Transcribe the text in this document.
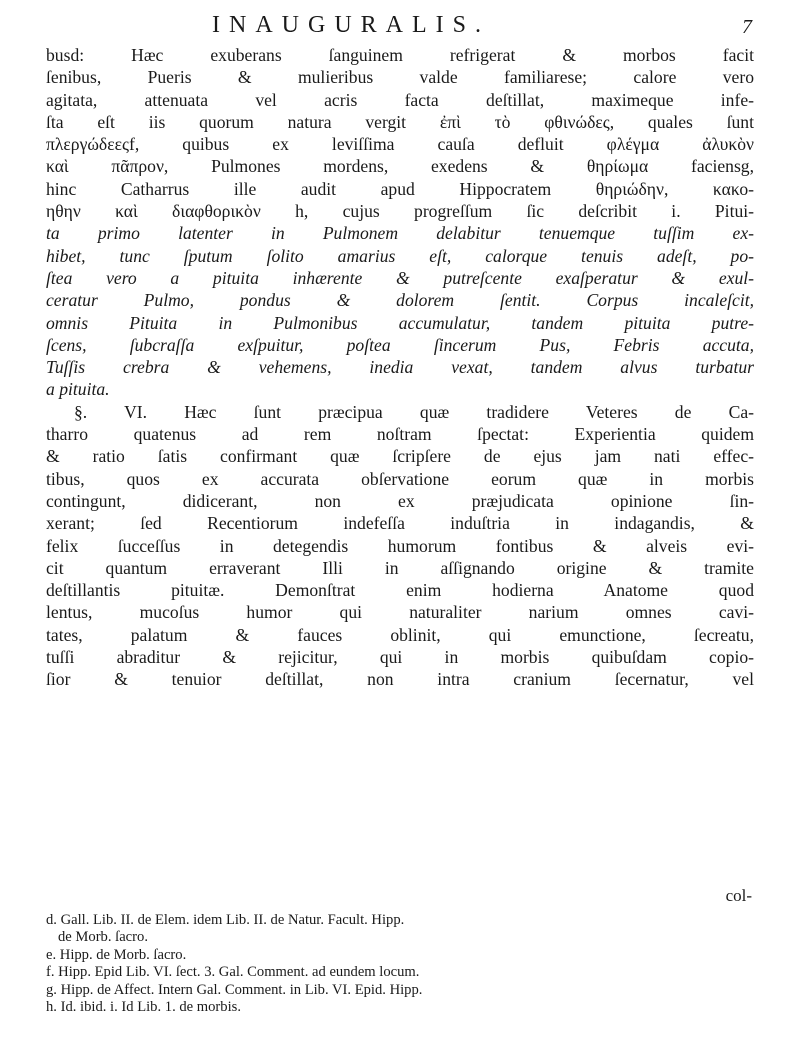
INAUGURALIS.	7
busd: Hæc exuberans ſanguinem refrigerat & morbos facit
ſenibus, Pueris & mulieribus valde familiarese; calore vero
agitata, attenuata vel acris facta deſtillat, maximeque infe-
ſta eſt iis quorum natura vergit ἐπὶ τὸ φθινώδες, quales ſunt
πλεργώδεεςf, quibus ex leviſſima cauſa defluit φλέγμα ἀλυκὸν
καὶ πᾶπρον, Pulmones mordens, exedens & θηρίωμα faciensg,
hinc Catharrus ille audit apud Hippocratem θηριώδην, κακο-
ηθην καὶ διαφθορικὸν h, cujus progreſſum ſic deſcribit i. Pitui-
ta primo latenter in Pulmonem delabitur tenuemque tuſſim ex-
hibet, tunc ſputum ſolito amarius eſt, calorque tenuis adeſt, po-
ſtea vero a pituita inhærente & putreſcente exaſperatur & exul-
ceratur Pulmo, pondus & dolorem ſentit. Corpus incaleſcit,
omnis Pituita in Pulmonibus accumulatur, tandem pituita putre-
ſcens, ſubcraſſa exſpuitur, poſtea ſincerum Pus, Febris accuta,
Tuſſis crebra & vehemens, inedia vexat, tandem alvus turbatur
a pituita.
§. VI. Hæc ſunt præcipua quæ tradidere Veteres de Ca-
tharro quatenus ad rem noſtram ſpectat: Experientia quidem
& ratio ſatis confirmant quæ ſcripſere de ejus jam nati effec-
tibus, quos ex accurata obſervatione eorum quæ in morbis
contingunt, didicerant, non ex præjudicata opinione ſin-
xerant; ſed Recentiorum indefeſſa induſtria in indagandis, &
felix ſucceſſus in detegendis humorum fontibus & alveis evi-
cit quantum erraverant Illi in aſſignando origine & tramite
deſtillantis pituitæ. Demonſtrat enim hodierna Anatome quod
lentus, mucoſus humor qui naturaliter narium omnes cavi-
tates, palatum & fauces oblinit, qui emunctione, ſecreatu,
tuſſi abraditur & rejicitur, qui in morbis quibuſdam copio-
ſior & tenuior deſtillat, non intra cranium ſecernatur, vel
col-
d. Gall. Lib. II. de Elem. idem Lib. II. de Natur. Facult. Hipp.
de Morb. ſacro.
e. Hipp. de Morb. ſacro.
f. Hipp. Epid Lib. VI. ſect. 3. Gal. Comment. ad eundem locum.
g. Hipp. de Affect. Intern Gal. Comment. in Lib. VI. Epid. Hipp.
h. Id. ibid. i. Id Lib. 1. de morbis.
